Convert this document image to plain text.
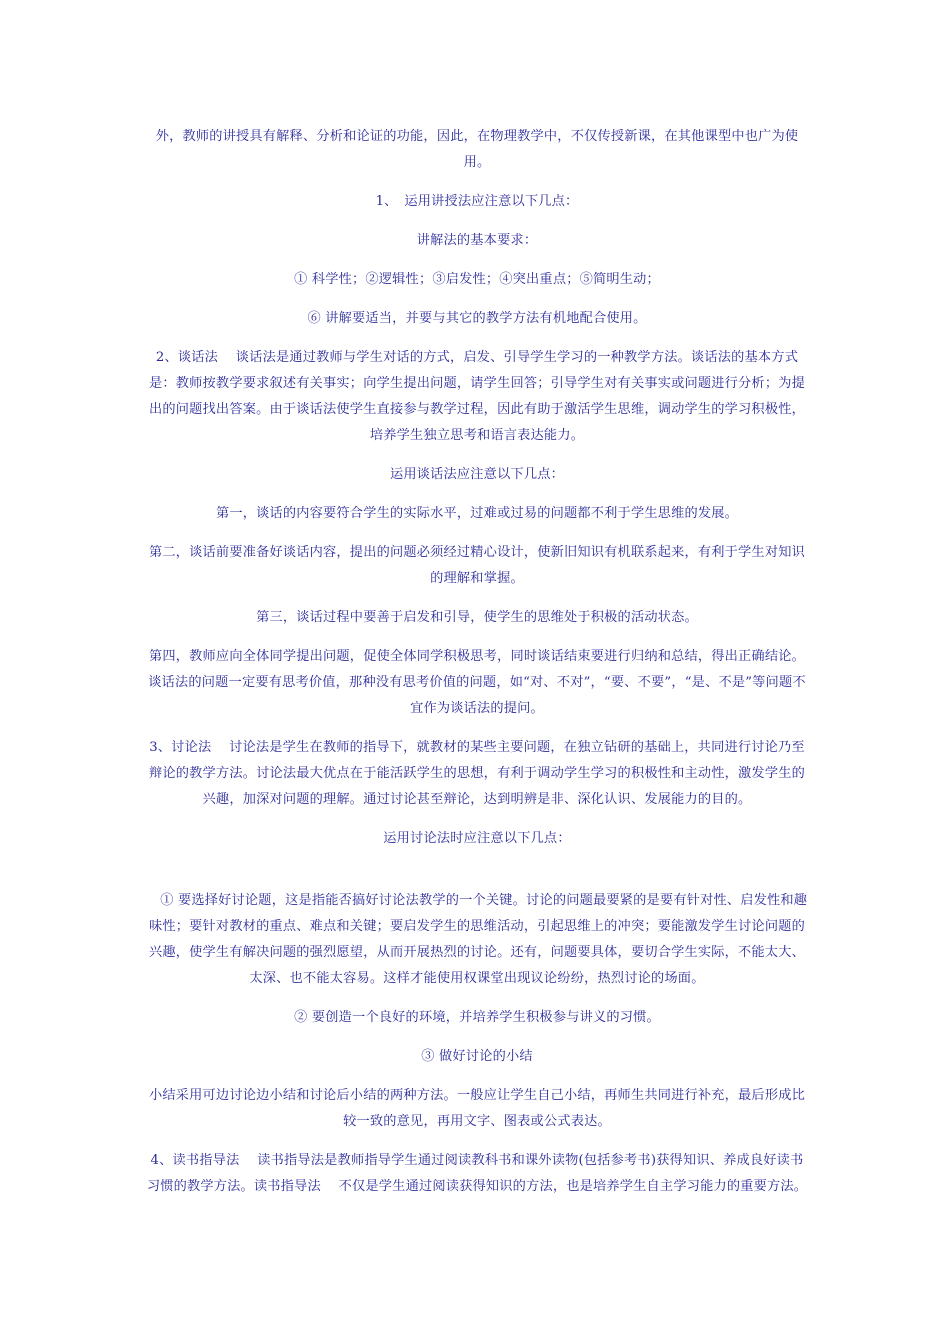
外，教师的讲授具有解释、分析和论证的功能，因此，在物理教学中，不仅传授新课，在其他课型中也广为使用。

1、　运用讲授法应注意以下几点：

讲解法的基本要求：

① 科学性；②逻辑性；③启发性；④突出重点；⑤简明生动；

⑥ 讲解要适当，并要与其它的教学方法有机地配合使用。

2、谈话法　 谈话法是通过教师与学生对话的方式，启发、引导学生学习的一种教学方法。谈话法的基本方式是：教师按教学要求叙述有关事实；向学生提出问题，请学生回答；引导学生对有关事实或问题进行分析；为提出的问题找出答案。由于谈话法使学生直接参与教学过程，因此有助于激活学生思维，调动学生的学习积极性，培养学生独立思考和语言表达能力。

运用谈话法应注意以下几点：

第一，谈话的内容要符合学生的实际水平，过难或过易的问题都不利于学生思维的发展。

第二，谈话前要准备好谈话内容，提出的问题必须经过精心设计，使新旧知识有机联系起来，有利于学生对知识的理解和掌握。

第三，谈话过程中要善于启发和引导，使学生的思维处于积极的活动状态。

第四，教师应向全体同学提出问题，促使全体同学积极思考，同时谈话结束要进行归纳和总结，得出正确结论。谈话法的问题一定要有思考价值，那种没有思考价值的问题，如“对、不对”，“要、不要”，“是、不是”等问题不宜作为谈话法的提问。

3、讨论法　 讨论法是学生在教师的指导下，就教材的某些主要问题，在独立钻研的基础上，共同进行讨论乃至辩论的教学方法。讨论法最大优点在于能活跃学生的思想，有利于调动学生学习的积极性和主动性，激发学生的兴趣，加深对问题的理解。通过讨论甚至辩论，达到明辨是非、深化认识、发展能力的目的。

运用讨论法时应注意以下几点：

　① 要选择好讨论题，这是指能否搞好讨论法教学的一个关键。讨论的问题最要紧的是要有针对性、启发性和趣味性；要针对教材的重点、难点和关键；要启发学生的思维活动，引起思维上的冲突；要能激发学生讨论问题的兴趣，使学生有解决问题的强烈愿望，从而开展热烈的讨论。还有，问题要具体，要切合学生实际，不能太大、太深、也不能太容易。这样才能使用权课堂出现议论纷纷，热烈讨论的场面。

② 要创造一个良好的环境，并培养学生积极参与讲义的习惯。

③ 做好讨论的小结

小结采用可边讨论边小结和讨论后小结的两种方法。一般应让学生自己小结，再师生共同进行补充，最后形成比较一致的意见，再用文字、图表或公式表达。

4、读书指导法　 读书指导法是教师指导学生通过阅读教科书和课外读物(包括参考书)获得知识、养成良好读书习惯的教学方法。读书指导法　 不仅是学生通过阅读获得知识的方法，也是培养学生自主学习能力的重要方法。
